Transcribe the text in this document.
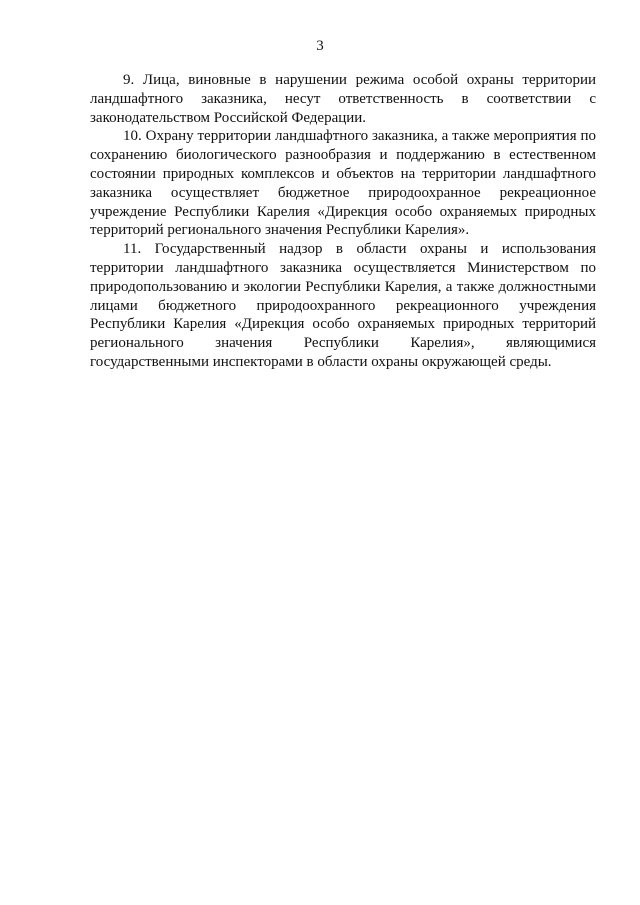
3

9. Лица, виновные в нарушении режима особой охраны территории ландшафтного заказника, несут ответственность в соответствии с законодательством Российской Федерации.

10. Охрану территории ландшафтного заказника, а также мероприятия по сохранению биологического разнообразия и поддержанию в естественном состоянии природных комплексов и объектов на территории ландшафтного заказника осуществляет бюджетное природоохранное рекреационное учреждение Республики Карелия «Дирекция особо охраняемых природных территорий регионального значения Республики Карелия».

11. Государственный надзор в области охраны и использования территории ландшафтного заказника осуществляется Министерством по природопользованию и экологии Республики Карелия, а также должностными лицами бюджетного природоохранного рекреационного учреждения Республики Карелия «Дирекция особо охраняемых природных территорий регионального значения Республики Карелия», являющимися государственными инспекторами в области охраны окружающей среды.
